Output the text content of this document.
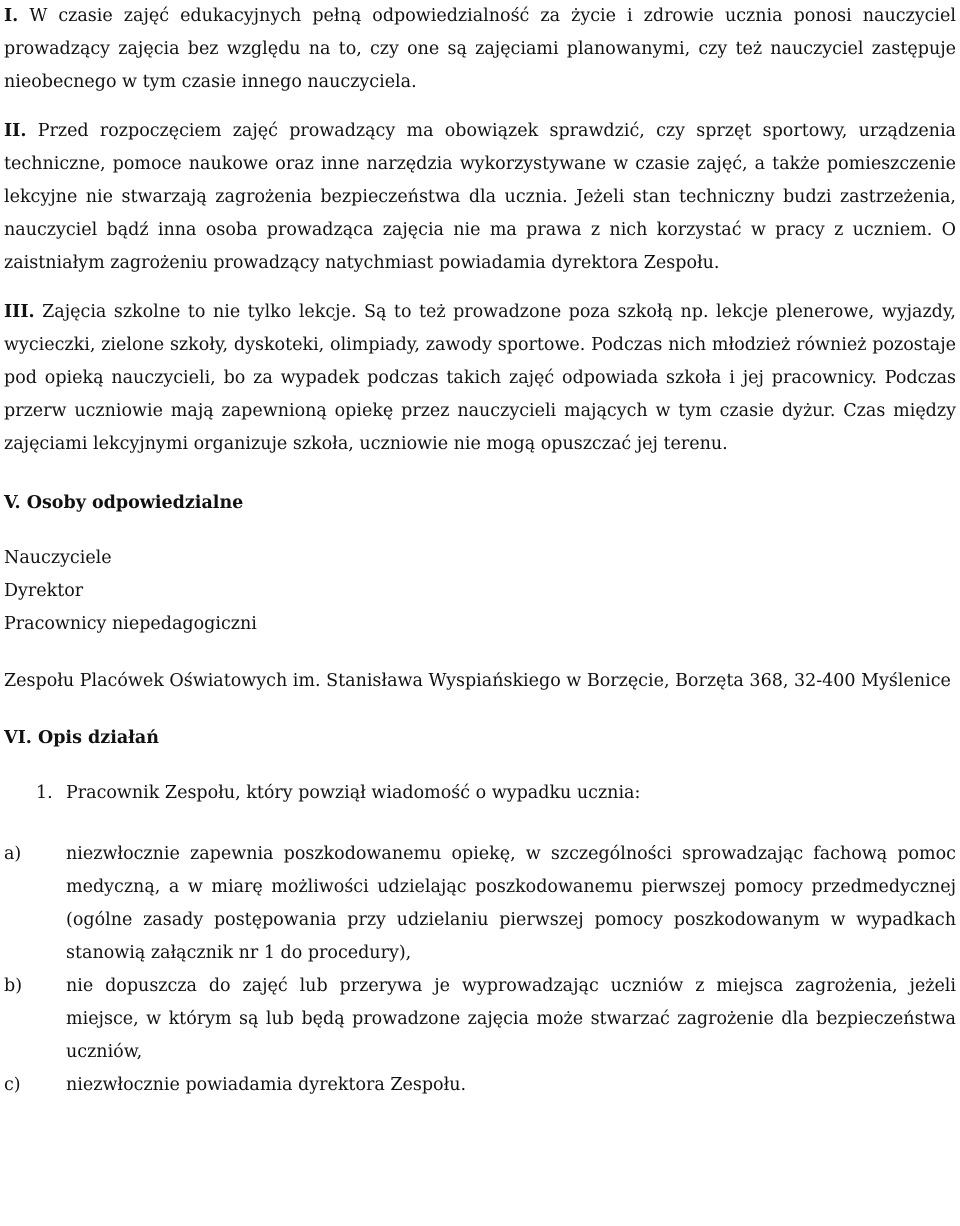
I. W czasie zajęć edukacyjnych pełną odpowiedzialność za życie i zdrowie ucznia ponosi nauczyciel prowadzący zajęcia bez względu na to, czy one są zajęciami planowanymi, czy też nauczyciel zastępuje nieobecnego w tym czasie innego nauczyciela.

II. Przed rozpoczęciem zajęć prowadzący ma obowiązek sprawdzić, czy sprzęt sportowy, urządzenia techniczne, pomoce naukowe oraz inne narzędzia wykorzystywane w czasie zajęć, a także pomieszczenie lekcyjne nie stwarzają zagrożenia bezpieczeństwa dla ucznia. Jeżeli stan techniczny budzi zastrzeżenia, nauczyciel bądź inna osoba prowadząca zajęcia nie ma prawa z nich korzystać w pracy z uczniem. O zaistniałym zagrożeniu prowadzący natychmiast powiadamia dyrektora Zespołu.

III. Zajęcia szkolne to nie tylko lekcje. Są to też prowadzone poza szkołą np. lekcje plenerowe, wyjazdy, wycieczki, zielone szkoły, dyskoteki, olimpiady, zawody sportowe. Podczas nich młodzież również pozostaje pod opieką nauczycieli, bo za wypadek podczas takich zajęć odpowiada szkoła i jej pracownicy. Podczas przerw uczniowie mają zapewnioną opiekę przez nauczycieli mających w tym czasie dyżur. Czas między zajęciami lekcyjnymi organizuje szkoła, uczniowie nie mogą opuszczać jej terenu.

V. Osoby odpowiedzialne

Nauczyciele
Dyrektor
Pracownicy niepedagogiczni
Zespołu Placówek Oświatowych im. Stanisława Wyspiańskiego w Borzęcie, Borzęta 368, 32-400 Myślenice

VI. Opis działań

1. Pracownik Zespołu, który powziął wiadomość o wypadku ucznia:
a)	niezwłocznie zapewnia poszkodowanemu opiekę, w szczególności sprowadzając fachową pomoc medyczną, a w miarę możliwości udzielając poszkodowanemu pierwszej pomocy przedmedycznej (ogólne zasady postępowania przy udzielaniu pierwszej pomocy poszkodowanym w wypadkach stanowią załącznik nr 1 do procedury),
b)	nie dopuszcza do zajęć lub przerywa je wyprowadzając uczniów z miejsca zagrożenia, jeżeli miejsce, w którym są lub będą prowadzone zajęcia może stwarzać zagrożenie dla bezpieczeństwa uczniów,
c)	niezwłocznie powiadamia dyrektora Zespołu.
